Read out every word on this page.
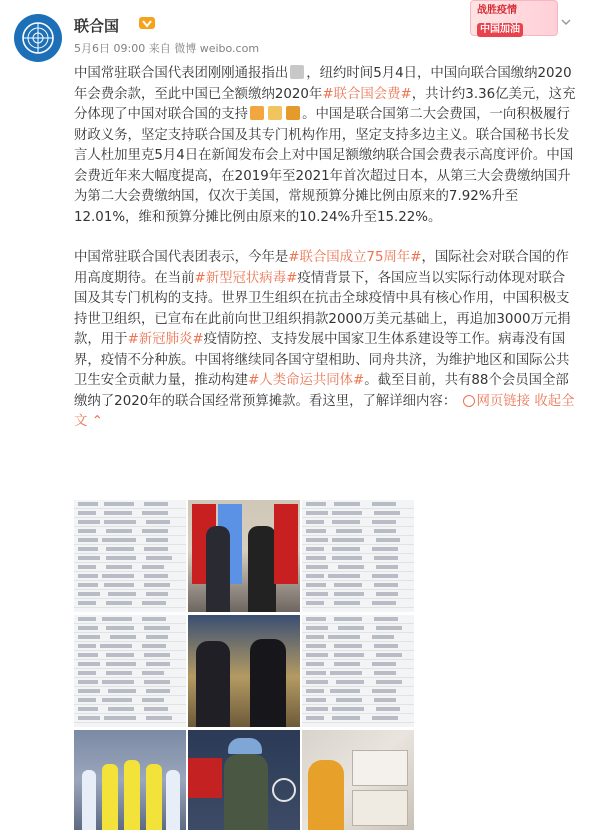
联合国
5月6日 09:00 来自 微博 weibo.com
战胜疫情
中国加油

中国常驻联合国代表团刚刚通报指出 ，纽约时间5月4日，中国向联合国缴纳2020年会费余款，至此中国已全额缴纳2020年#联合国会费#，共计约3.36亿美元，这充分体现了中国对联合国的支持	。中国是联合国第二大会费国，一向积极履行财政义务，坚定支持联合国及其专门机构作用，坚定支持多边主义。联合国秘书长发言人杜加里克5月4日在新闻发布会上对中国足额缴纳联合国会费表示高度评价。中国会费近年来大幅度提高，在2019年至2021年首次超过日本，从第三大会费缴纳国升为第二大会费缴纳国，仅次于美国，常规预算分摊比例由原来的7.92%升至12.01%，维和预算分摊比例由原来的10.24%升至15.22%。

中国常驻联合国代表团表示，今年是#联合国成立75周年#，国际社会对联合国的作用高度期待。在当前#新型冠状病毒#疫情背景下，各国应当以实际行动体现对联合国及其专门机构的支持。世界卫生组织在抗击全球疫情中具有核心作用，中国积极支持世卫组织，已宣布在此前向世卫组织捐款2000万美元基础上，再追加3000万元捐款，用于#新冠肺炎#疫情防控、支持发展中国家卫生体系建设等工作。病毒没有国界，疫情不分种族。中国将继续同各国守望相助、同舟共济，为维护地区和国际公共卫生安全贡献力量，推动构建#人类命运共同体#。截至目前，共有88个会员国全部缴纳了2020年的联合国经常预算摊款。看这里，了解详细内容： 网页链接 收起全文 ⌃
